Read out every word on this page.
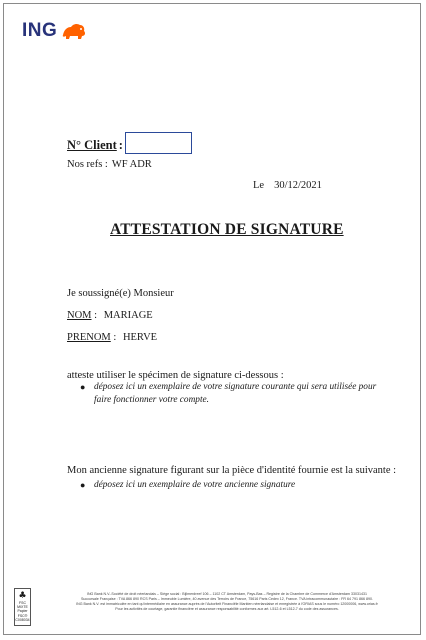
ING
N° Client :
Nos refs : WF ADR
Le 30/12/2021
ATTESTATION DE SIGNATURE
Je soussigné(e) Monsieur
NOM : MARIAGE
PRENOM : HERVE
atteste utiliser le spécimen de signature ci-dessous :
● déposez ici un exemplaire de votre signature courante qui sera utilisée pour faire fonctionner votre compte.
Mon ancienne signature figurant sur la pièce d'identité fournie est la suivante :
● déposez ici un exemplaire de votre ancienne signature
♣
FSC MIXTE Papier FSC® C008034
ING Bank N.V.-Société de droit néerlandais – Siège social : Bijlmerdreef 106 – 1102 CT Amsterdam, Pays-Bas – Registre de la Chambre de Commerce d'Amsterdam 33031431
Succursale Française : TVA 866 890 RCS Paris – Immeuble Lumière, 40 avenue des Terroirs de France, 75616 Paris Cedex 12, France. TVA intracommunautaire : FR 64 791 866 890.
ING Bank N.V. est immatriculée en tant qu'intermédiaire en assurance auprès de l'Autoriteit Financiële Markten néerlandaise et enregistrée à l'ORIAS sous le numéro 12000006, www.orias.fr
Pour les activités de courtage, garantie financière et assurance responsabilité conformes aux art. L512-6 et L512-7 du code des assurances.
